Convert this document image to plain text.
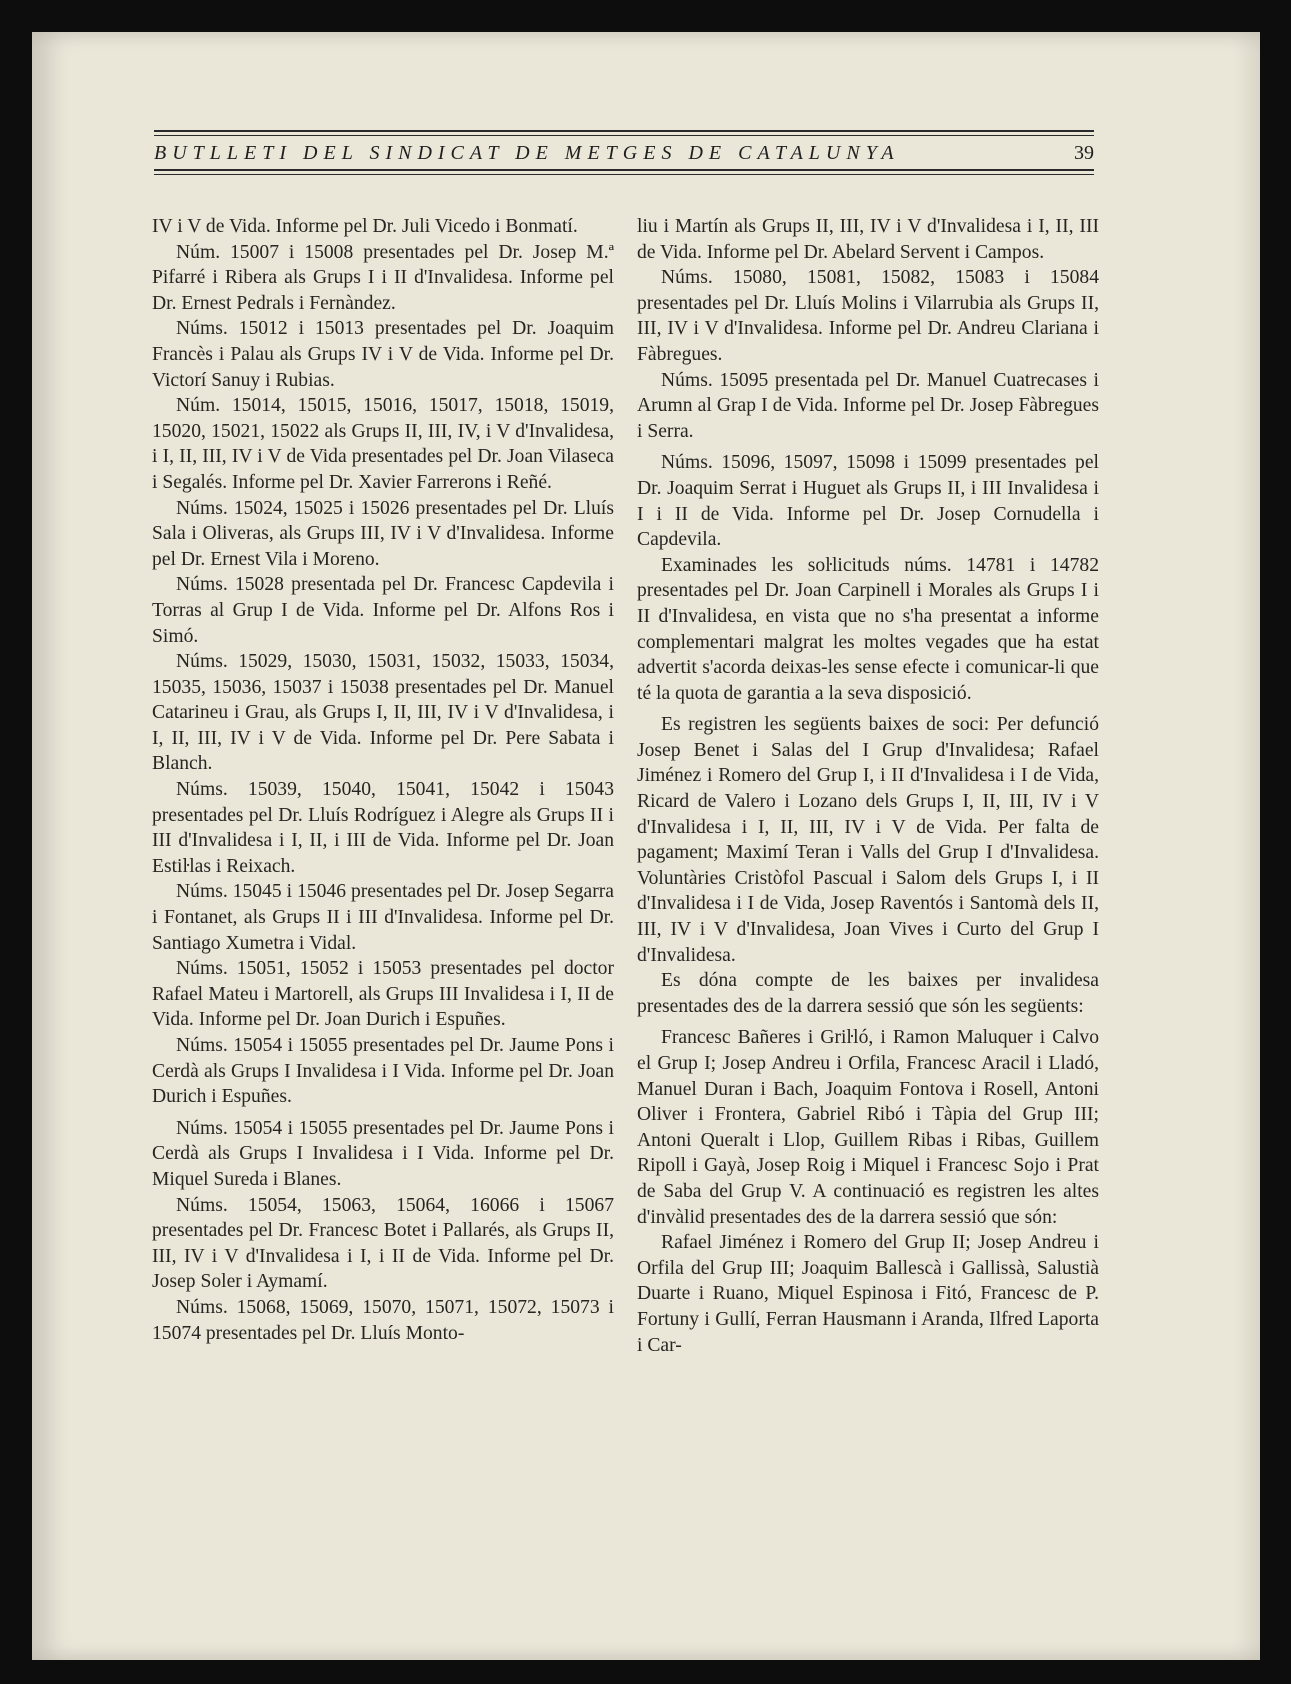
BUTLLETI DEL SINDICAT DE METGES DE CATALUNYA	39

IV i V de Vida. Informe pel Dr. Juli Vicedo i Bonmatí.

Núm. 15007 i 15008 presentades pel Dr. Josep M.ª Pifarré i Ribera als Grups I i II d'Invalidesa. Informe pel Dr. Ernest Pedrals i Fernàndez.

Núms. 15012 i 15013 presentades pel Dr. Joaquim Francès i Palau als Grups IV i V de Vida. Informe pel Dr. Victorí Sanuy i Rubias.

Núm. 15014, 15015, 15016, 15017, 15018, 15019, 15020, 15021, 15022 als Grups II, III, IV, i V d'Invalidesa, i I, II, III, IV i V de Vida presentades pel Dr. Joan Vilaseca i Segalés. Informe pel Dr. Xavier Farrerons i Reñé.

Núms. 15024, 15025 i 15026 presentades pel Dr. Lluís Sala i Oliveras, als Grups III, IV i V d'Invalidesa. Informe pel Dr. Ernest Vila i Moreno.

Núms. 15028 presentada pel Dr. Francesc Capdevila i Torras al Grup I de Vida. Informe pel Dr. Alfons Ros i Simó.

Núms. 15029, 15030, 15031, 15032, 15033, 15034, 15035, 15036, 15037 i 15038 presentades pel Dr. Manuel Catarineu i Grau, als Grups I, II, III, IV i V d'Invalidesa, i I, II, III, IV i V de Vida. Informe pel Dr. Pere Sabata i Blanch.

Núms. 15039, 15040, 15041, 15042 i 15043 presentades pel Dr. Lluís Rodríguez i Alegre als Grups II i III d'Invalidesa i I, II, i III de Vida. Informe pel Dr. Joan Estiŀlas i Reixach.

Núms. 15045 i 15046 presentades pel Dr. Josep Segarra i Fontanet, als Grups II i III d'Invalidesa. Informe pel Dr. Santiago Xumetra i Vidal.

Núms. 15051, 15052 i 15053 presentades pel doctor Rafael Mateu i Martorell, als Grups III Invalidesa i I, II de Vida. Informe pel Dr. Joan Durich i Espuñes.

Núms. 15054 i 15055 presentades pel Dr. Jaume Pons i Cerdà als Grups I Invalidesa i I Vida. Informe pel Dr. Joan Durich i Espuñes.

Núms. 15054 i 15055 presentades pel Dr. Jaume Pons i Cerdà als Grups I Invalidesa i I Vida. Informe pel Dr. Miquel Sureda i Blanes.

Núms. 15054, 15063, 15064, 16066 i 15067 presentades pel Dr. Francesc Botet i Pallarés, als Grups II, III, IV i V d'Invalidesa i I, i II de Vida. Informe pel Dr. Josep Soler i Aymamí.

Núms. 15068, 15069, 15070, 15071, 15072, 15073 i 15074 presentades pel Dr. Lluís Monto-

liu i Martín als Grups II, III, IV i V d'Invalidesa i I, II, III de Vida. Informe pel Dr. Abelard Servent i Campos.

Núms. 15080, 15081, 15082, 15083 i 15084 presentades pel Dr. Lluís Molins i Vilarrubia als Grups II, III, IV i V d'Invalidesa. Informe pel Dr. Andreu Clariana i Fàbregues.

Núms. 15095 presentada pel Dr. Manuel Cuatrecases i Arumn al Grap I de Vida. Informe pel Dr. Josep Fàbregues i Serra.

Núms. 15096, 15097, 15098 i 15099 presentades pel Dr. Joaquim Serrat i Huguet als Grups II, i III Invalidesa i I i II de Vida. Informe pel Dr. Josep Cornudella i Capdevila.

Examinades les soŀlicituds núms. 14781 i 14782 presentades pel Dr. Joan Carpinell i Morales als Grups I i II d'Invalidesa, en vista que no s'ha presentat a informe complementari malgrat les moltes vegades que ha estat advertit s'acorda deixas-les sense efecte i comunicar-li que té la quota de garantia a la seva disposició.

Es registren les següents baixes de soci: Per defunció Josep Benet i Salas del I Grup d'Invalidesa; Rafael Jiménez i Romero del Grup I, i II d'Invalidesa i I de Vida, Ricard de Valero i Lozano dels Grups I, II, III, IV i V d'Invalidesa i I, II, III, IV i V de Vida. Per falta de pagament; Maximí Teran i Valls del Grup I d'Invalidesa. Voluntàries Cristòfol Pascual i Salom dels Grups I, i II d'Invalidesa i I de Vida, Josep Raventós i Santomà dels II, III, IV i V d'Invalidesa, Joan Vives i Curto del Grup I d'Invalidesa.

Es dóna compte de les baixes per invalidesa presentades des de la darrera sessió que són les següents:

Francesc Bañeres i Griŀló, i Ramon Maluquer i Calvo el Grup I; Josep Andreu i Orfila, Francesc Aracil i Lladó, Manuel Duran i Bach, Joaquim Fontova i Rosell, Antoni Oliver i Frontera, Gabriel Ribó i Tàpia del Grup III; Antoni Queralt i Llop, Guillem Ribas i Ribas, Guillem Ripoll i Gayà, Josep Roig i Miquel i Francesc Sojo i Prat de Saba del Grup V. A continuació es registren les altes d'invàlid presentades des de la darrera sessió que són:

Rafael Jiménez i Romero del Grup II; Josep Andreu i Orfila del Grup III; Joaquim Ballescà i Gallissà, Salustià Duarte i Ruano, Miquel Espinosa i Fitó, Francesc de P. Fortuny i Gullí, Ferran Hausmann i Aranda, Ilfred Laporta i Car-
